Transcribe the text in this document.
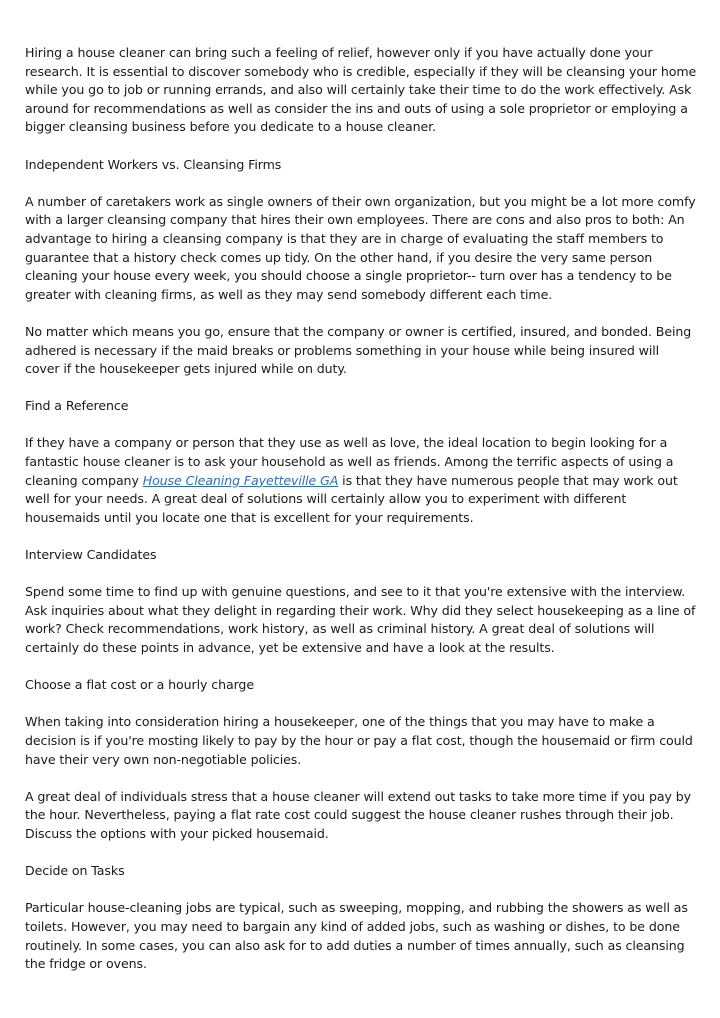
Hiring a house cleaner can bring such a feeling of relief, however only if you have actually done your research. It is essential to discover somebody who is credible, especially if they will be cleansing your home while you go to job or running errands, and also will certainly take their time to do the work effectively. Ask around for recommendations as well as consider the ins and outs of using a sole proprietor or employing a bigger cleansing business before you dedicate to a house cleaner.

Independent Workers vs. Cleansing Firms

A number of caretakers work as single owners of their own organization, but you might be a lot more comfy with a larger cleansing company that hires their own employees. There are cons and also pros to both: An advantage to hiring a cleansing company is that they are in charge of evaluating the staff members to guarantee that a history check comes up tidy. On the other hand, if you desire the very same person cleaning your house every week, you should choose a single proprietor-- turn over has a tendency to be greater with cleaning firms, as well as they may send somebody different each time.

No matter which means you go, ensure that the company or owner is certified, insured, and bonded. Being adhered is necessary if the maid breaks or problems something in your house while being insured will cover if the housekeeper gets injured while on duty.

Find a Reference

If they have a company or person that they use as well as love, the ideal location to begin looking for a fantastic house cleaner is to ask your household as well as friends. Among the terrific aspects of using a cleaning company House Cleaning Fayetteville GA is that they have numerous people that may work out well for your needs. A great deal of solutions will certainly allow you to experiment with different housemaids until you locate one that is excellent for your requirements.

Interview Candidates

Spend some time to find up with genuine questions, and see to it that you're extensive with the interview. Ask inquiries about what they delight in regarding their work. Why did they select housekeeping as a line of work? Check recommendations, work history, as well as criminal history. A great deal of solutions will certainly do these points in advance, yet be extensive and have a look at the results.

Choose a flat cost or a hourly charge

When taking into consideration hiring a housekeeper, one of the things that you may have to make a decision is if you're mosting likely to pay by the hour or pay a flat cost, though the housemaid or firm could have their very own non-negotiable policies.

A great deal of individuals stress that a house cleaner will extend out tasks to take more time if you pay by the hour. Nevertheless, paying a flat rate cost could suggest the house cleaner rushes through their job. Discuss the options with your picked housemaid.

Decide on Tasks

Particular house-cleaning jobs are typical, such as sweeping, mopping, and rubbing the showers as well as toilets. However, you may need to bargain any kind of added jobs, such as washing or dishes, to be done routinely. In some cases, you can also ask for to add duties a number of times annually, such as cleansing the fridge or ovens.
